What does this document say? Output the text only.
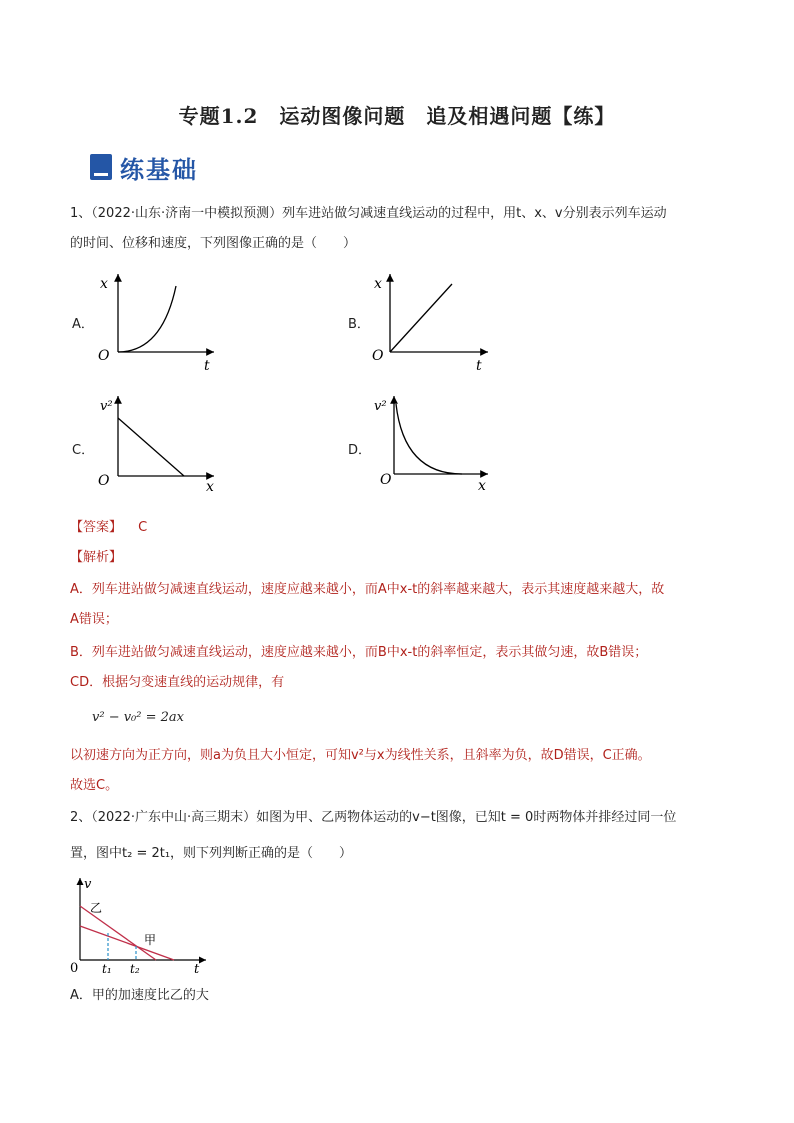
专题1.2　运动图像问题　追及相遇问题【练】
练基础
1、（2022·山东·济南一中模拟预测）列车进站做匀减速直线运动的过程中，用t、x、v分别表示列车运动
的时间、位移和速度，下列图像正确的是（　　）
A．
x
O
t
B．
x
O
t
C．
v²
O	x
D．
v²
O	x
【答案】 C
【解析】
A．列车进站做匀减速直线运动，速度应越来越小，而A中x-t的斜率越来越大，表示其速度越来越大，故
A错误；
B．列车进站做匀减速直线运动，速度应越来越小，而B中x-t的斜率恒定，表示其做匀速，故B错误；
CD．根据匀变速直线的运动规律，有
v² − v₀² = 2ax
以初速方向为正方向，则a为负且大小恒定，可知v²与x为线性关系，且斜率为负，故D错误，C正确。
故选C。
2、（2022·广东中山·高三期末）如图为甲、乙两物体运动的v−t图像，已知t = 0时两物体并排经过同一位
置，图中t₂ = 2t₁，则下列判断正确的是（　　）
v
乙
甲
0 t₁ t₂	t
A．甲的加速度比乙的大
